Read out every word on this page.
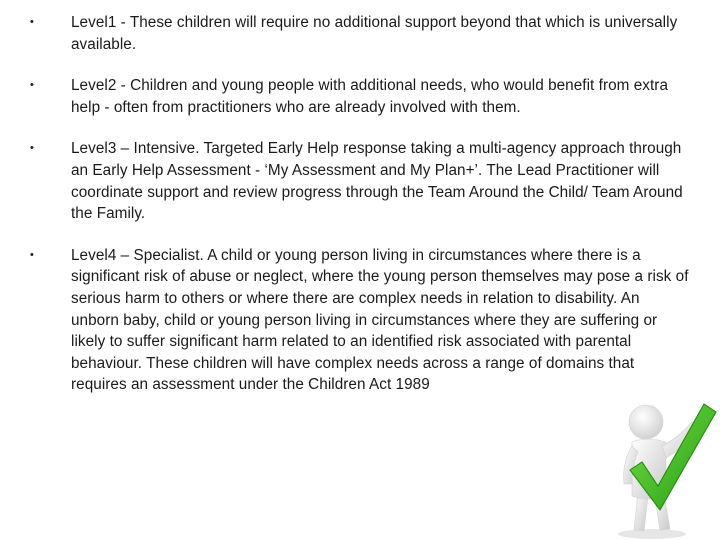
• Level1 - These children will require no additional support beyond that which is universally available.
• Level2 - Children and young people with additional needs, who would benefit from extra help - often from practitioners who are already involved with them.
• Level3 – Intensive. Targeted Early Help response taking a multi-agency approach through an Early Help Assessment - ‘My Assessment and My Plan+’. The Lead Practitioner will coordinate support and review progress through the Team Around the Child/ Team Around the Family.
• Level4 – Specialist. A child or young person living in circumstances where there is a significant risk of abuse or neglect, where the young person themselves may pose a risk of serious harm to others or where there are complex needs in relation to disability. An unborn baby, child or young person living in circumstances where they are suffering or likely to suffer significant harm related to an identified risk associated with parental behaviour. These children will have complex needs across a range of domains that requires an assessment under the Children Act 1989
